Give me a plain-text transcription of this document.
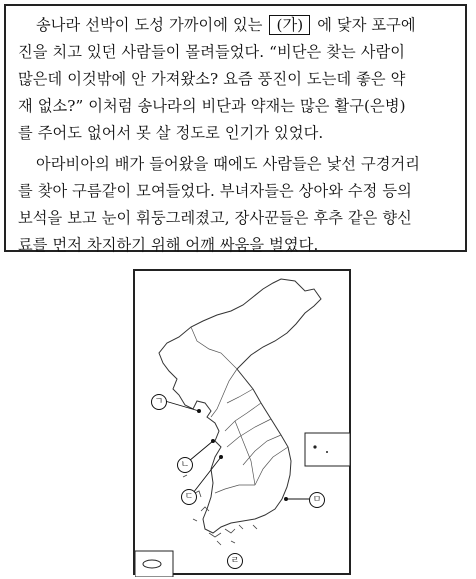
송나라 선박이 도성 가까이에 있는 (가) 에 닻자 포구에
진을 치고 있던 사람들이 몰려들었다. “비단은 찾는 사람이
많은데 이것밖에 안 가져왔소? 요즘 풍진이 도는데 좋은 약
재 없소?” 이처럼 송나라의 비단과 약재는 많은 활구(은병)
를 주어도 없어서 못 살 정도로 인기가 있었다.
아라비아의 배가 들어왔을 때에도 사람들은 낯선 구경거리
를 찾아 구름같이 모여들었다. 부녀자들은 상아와 수정 등의
보석을 보고 눈이 휘둥그레졌고, 장사꾼들은 후추 같은 향신
료를 먼저 차지하기 위해 어깨 싸움을 벌였다.
ㄱ
ㄴ
ㄷ
ㄹ
ㅁ
